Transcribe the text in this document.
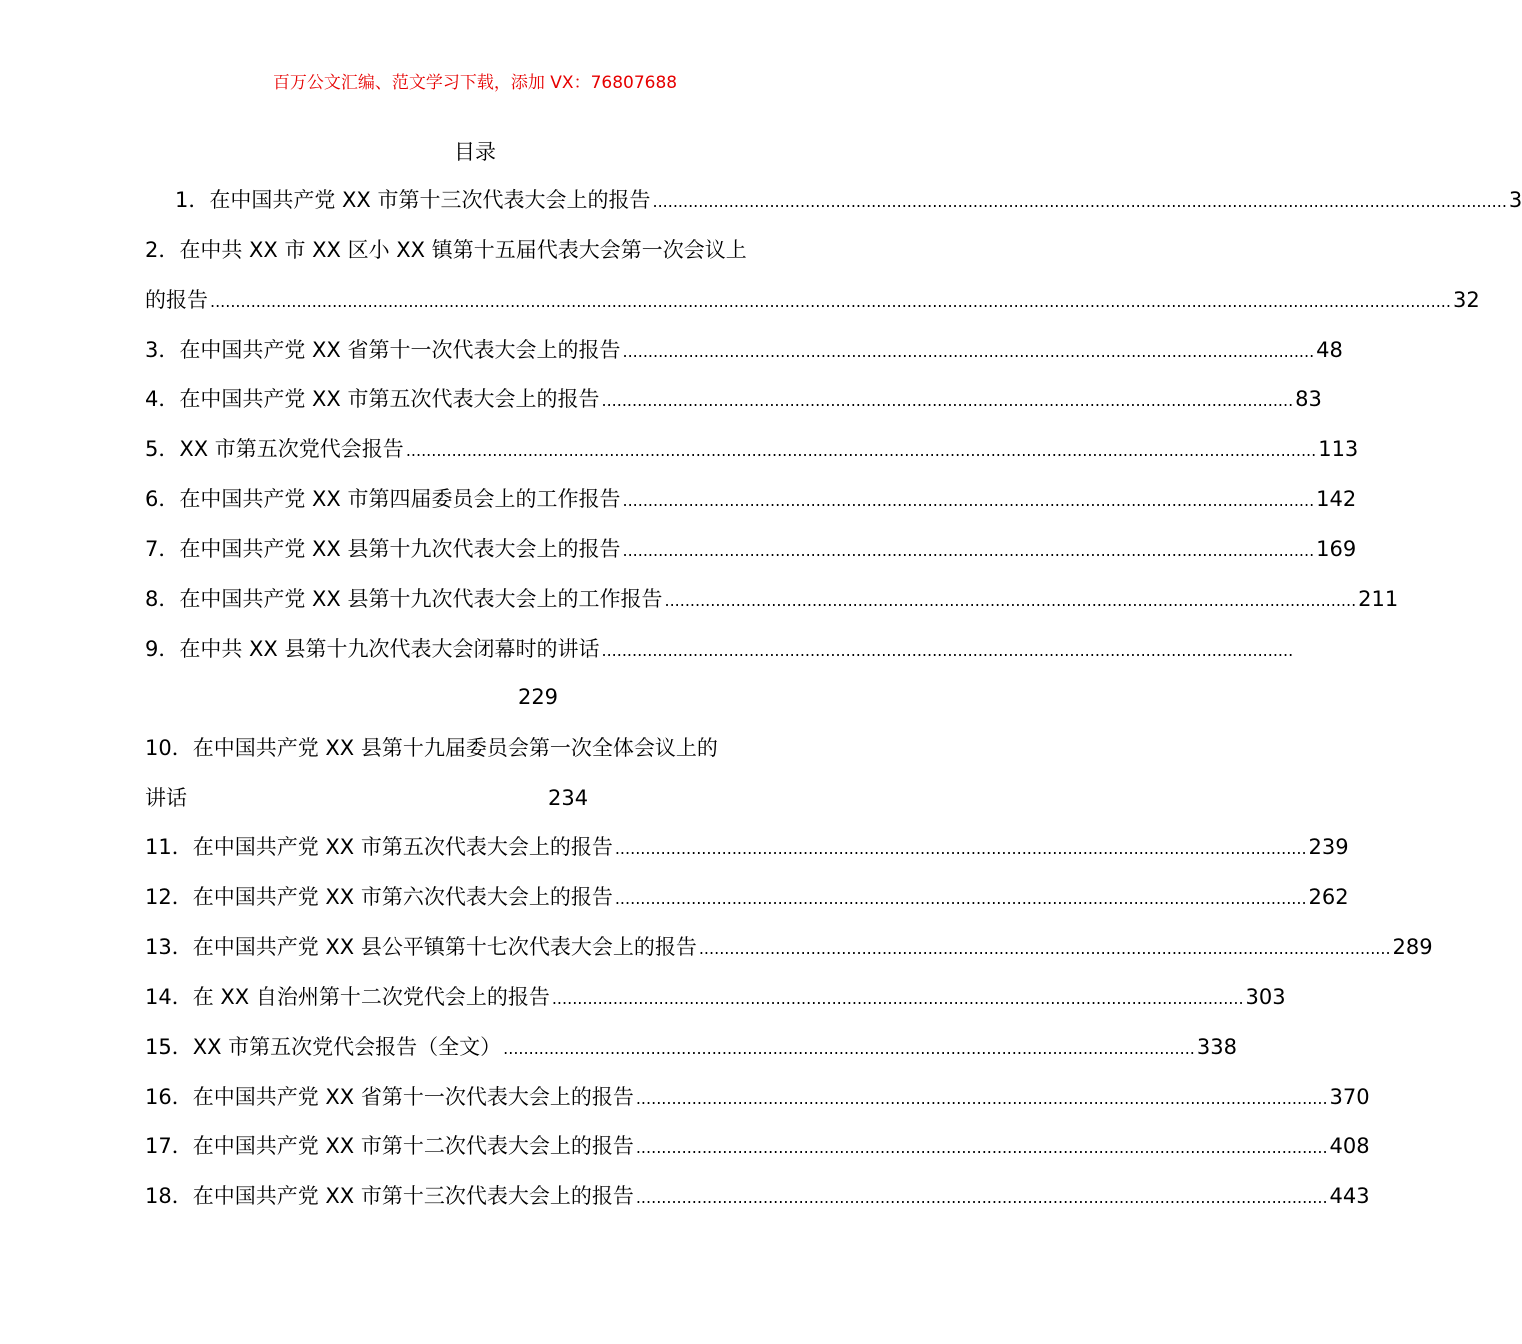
百万公文汇编、范文学习下载，添加 VX：76807688
目录
1．在中国共产党 XX 市第十三次代表大会上的报告 ........................................................................................................................................................................ 3
2．在中共 XX 市 XX 区小 XX 镇第十五届代表大会第一次会议上
的报告 .................................................................................................................................................................................................................................................... 32
3．在中国共产党 XX 省第十一次代表大会上的报告 ........................................................................................................................................ 48
4．在中国共产党 XX 市第五次代表大会上的报告 ........................................................................................................................................ 83
5．XX 市第五次党代会报告 ................................................................................................................................................................................... 113
6．在中国共产党 XX 市第四届委员会上的工作报告 ........................................................................................................................................ 142
7．在中国共产党 XX 县第十九次代表大会上的报告 ........................................................................................................................................ 169
8．在中国共产党 XX 县第十九次代表大会上的工作报告 ........................................................................................................................................ 211
9．在中共 XX 县第十九次代表大会闭幕时的讲话 ........................................................................................................................................
229
10．在中国共产党 XX 县第十九届委员会第一次全体会议上的
讲话	234
11．在中国共产党 XX 市第五次代表大会上的报告 ........................................................................................................................................ 239
12．在中国共产党 XX 市第六次代表大会上的报告 ........................................................................................................................................ 262
13．在中国共产党 XX 县公平镇第十七次代表大会上的报告 ........................................................................................................................................ 289
14．在 XX 自治州第十二次党代会上的报告 ........................................................................................................................................ 303
15．XX 市第五次党代会报告（全文） ........................................................................................................................................ 338
16．在中国共产党 XX 省第十一次代表大会上的报告 ........................................................................................................................................ 370
17．在中国共产党 XX 市第十二次代表大会上的报告 ........................................................................................................................................ 408
18．在中国共产党 XX 市第十三次代表大会上的报告 ........................................................................................................................................ 443
